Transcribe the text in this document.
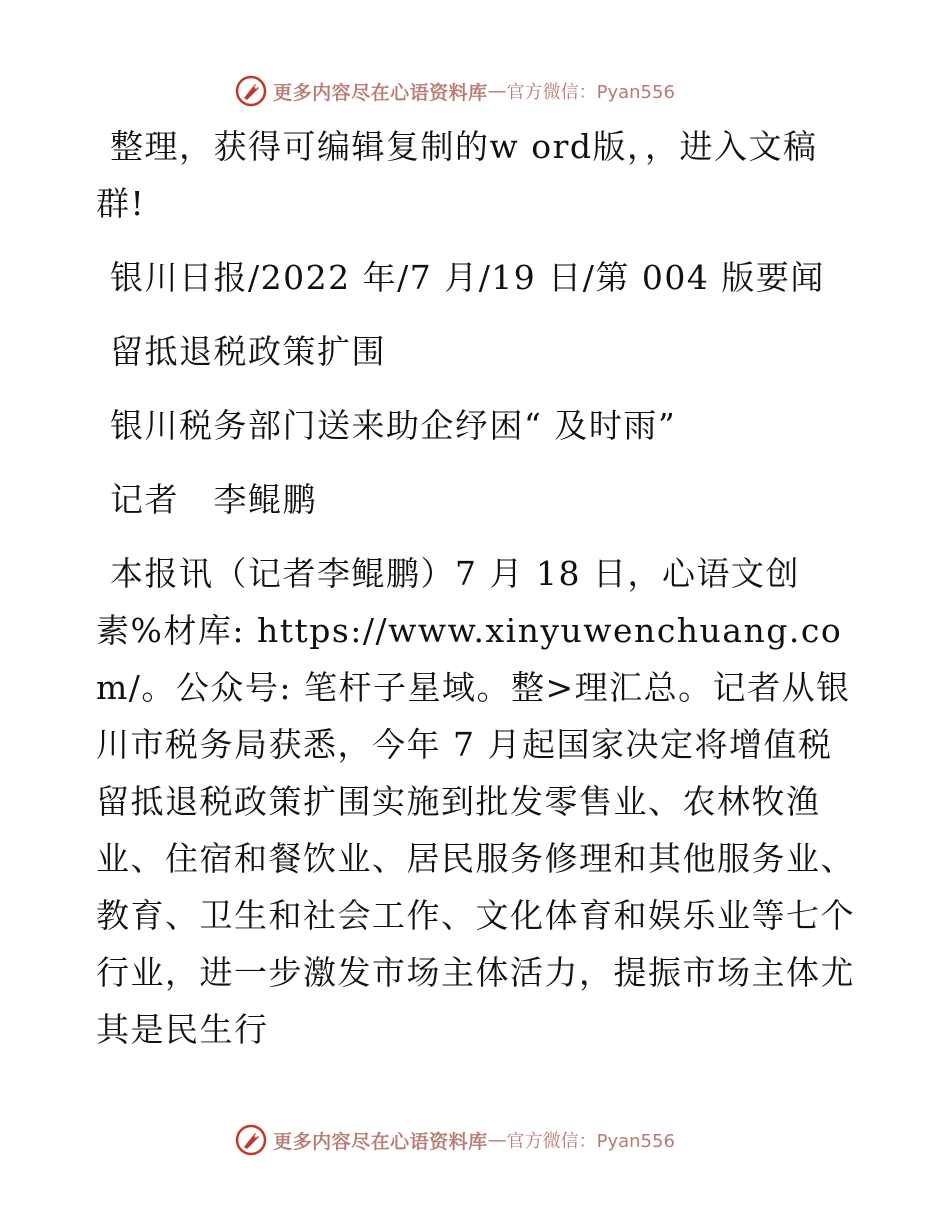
更多内容尽在心语资料库 — 官方微信：Pyan556

整理，获得可编辑复制的w ord版，，进入文稿群!

银川日报/2022 年/7 月/19 日/第 004 版要闻

留抵退税政策扩围

银川税务部门送来助企纾困“ 及时雨”

记者　李鲲鹏

本报讯（记者李鲲鹏）7 月 18 日，心语文创素%材库: https://www.xinyuwenchuang.com/。公众号: 笔杆子星域。整>理汇总。记者从银川市税务局获悉，今年 7 月起国家决定将增值税留抵退税政策扩围实施到批发零售业、农林牧渔业、住宿和餐饮业、居民服务修理和其他服务业、教育、卫生和社会工作、文化体育和娱乐业等七个行业，进一步激发市场主体活力，提振市场主体尤其是民生行

更多内容尽在心语资料库 — 官方微信：Pyan556
